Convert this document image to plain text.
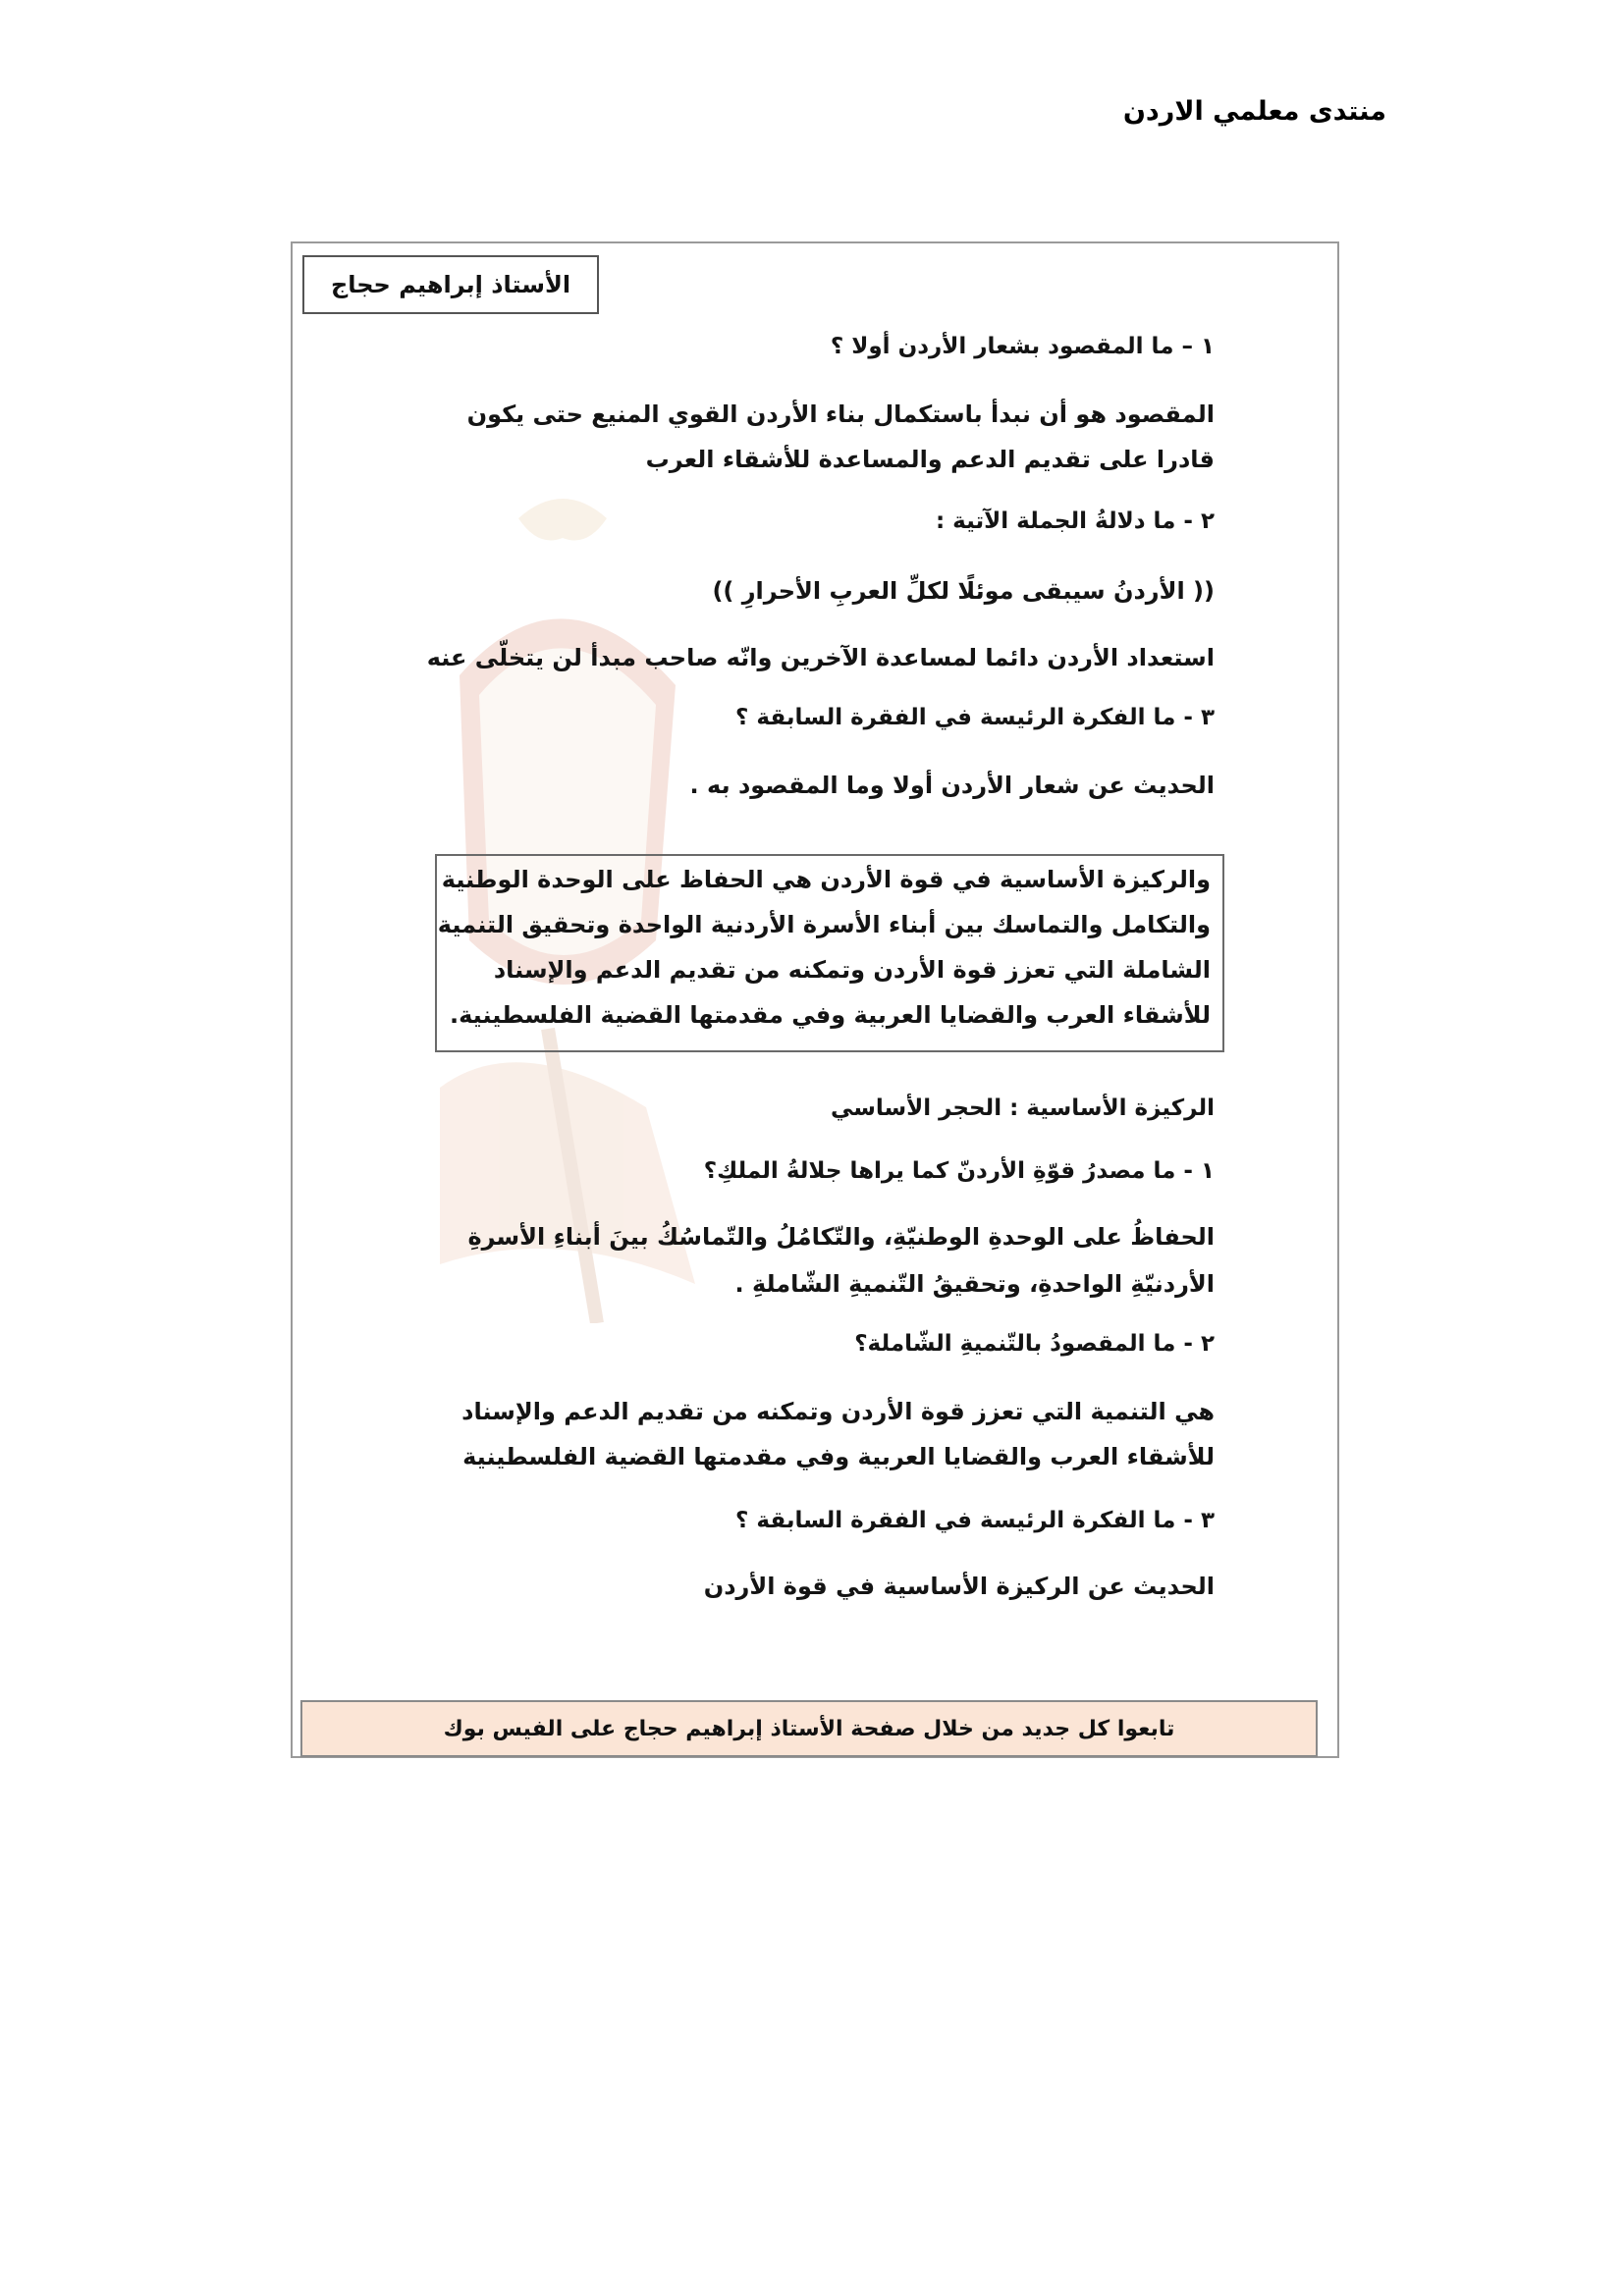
منتدى معلمي الاردن
الأستاذ إبراهيم حجاج
١ – ما المقصود بشعار الأردن أولا ؟
المقصود هو أن نبدأ باستكمال بناء الأردن القوي المنيع حتى يكون
قادرا على تقديم الدعم والمساعدة للأشقاء العرب
٢ - ما دلالةُ الجملة الآتية :
(( الأردنُ سيبقى موئلًا لكلِّ العربِ الأحرارِ ))
استعداد الأردن دائما لمساعدة الآخرين وانّه صاحب مبدأ لن يتخلّى عنه
٣ - ما الفكرة الرئيسة في الفقرة السابقة ؟
الحديث عن شعار الأردن أولا وما المقصود به .
والركيزة الأساسية في قوة الأردن هي الحفاظ على الوحدة الوطنية
والتكامل والتماسك بين أبناء الأسرة الأردنية الواحدة وتحقيق التنمية
الشاملة التي تعزز قوة الأردن وتمكنه من تقديم الدعم والإسناد
للأشقاء العرب والقضايا العربية وفي مقدمتها القضية الفلسطينية.
الركيزة الأساسية : الحجر الأساسي
١ - ما مصدرُ قوّةِ الأردنّ كما يراها جلالةُ الملكِ؟
الحفاظُ على الوحدةِ الوطنيّةِ، والتّكامُلُ والتّماسُكُ بينَ أبناءِ الأسرةِ
الأردنيّةِ الواحدةِ، وتحقيقُ التّنميةِ الشّاملةِ .
٢ - ما المقصودُ بالتّنميةِ الشّاملة؟
هي التنمية التي تعزز قوة الأردن وتمكنه من تقديم الدعم والإسناد
للأشقاء العرب والقضايا العربية وفي مقدمتها القضية الفلسطينية
٣ - ما الفكرة الرئيسة في الفقرة السابقة ؟
الحديث عن الركيزة الأساسية في قوة الأردن
تابعوا كل جديد من خلال صفحة الأستاذ إبراهيم حجاج على الفيس بوك
